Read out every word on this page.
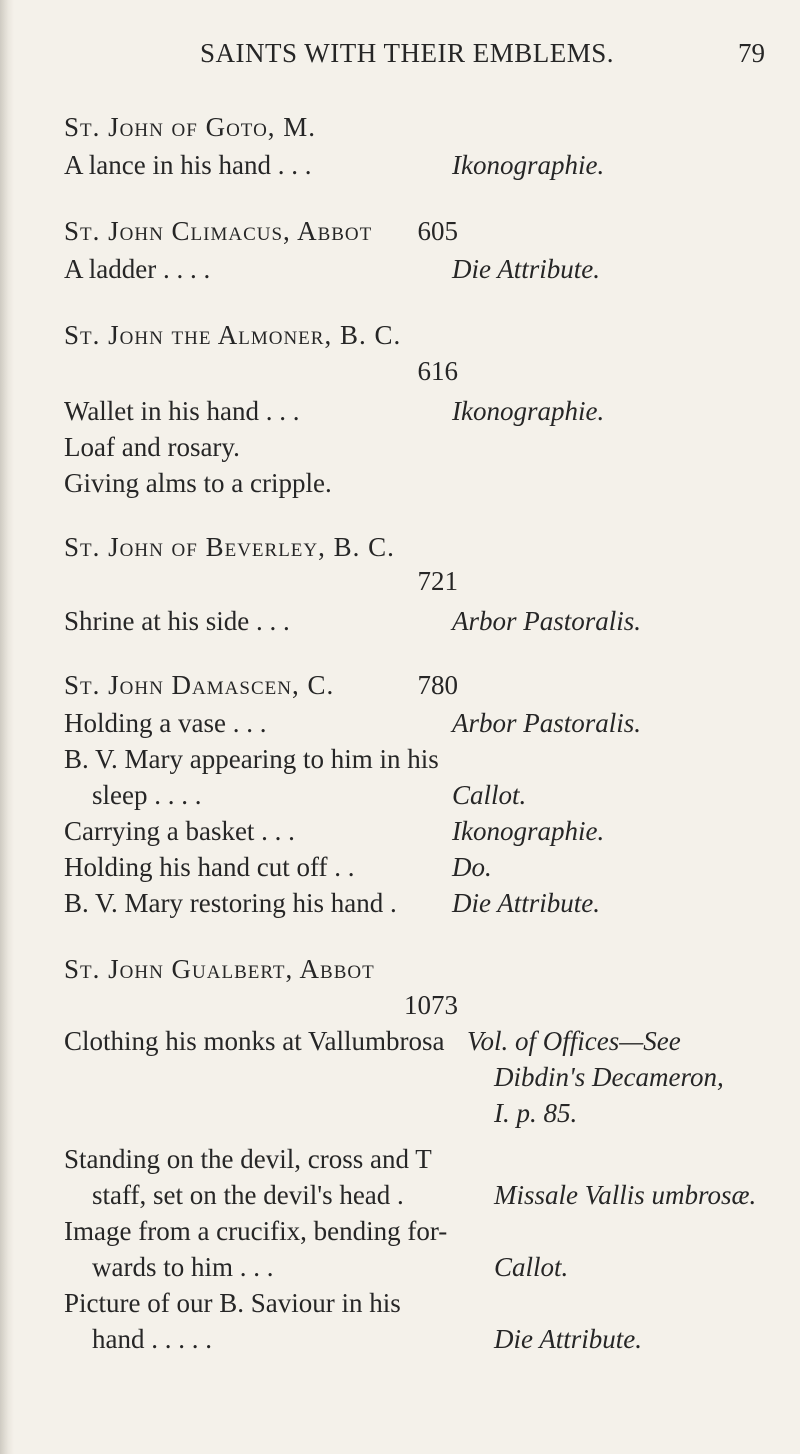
SAINTS WITH THEIR EMBLEMS.	79
St. John of Goto, M.
A lance in his hand . . .	Ikonographie.
St. John Climacus, Abbot	605
A ladder . . . .	Die Attribute.
St. John the Almoner, B. C.
616
Wallet in his hand . . .	Ikonographie.
Loaf and rosary.
Giving alms to a cripple.
St. John of Beverley, B. C.
721
Shrine at his side . . .	Arbor Pastoralis.
St. John Damascen, C.	780
Holding a vase . . .	Arbor Pastoralis.
B. V. Mary appearing to him in his
sleep . . . .	Callot.
Carrying a basket . . .	Ikonographie.
Holding his hand cut off . .	Do.
B. V. Mary restoring his hand . Die Attribute.
St. John Gualbert, Abbot
1073
Clothing his monks at Vallumbrosa Vol. of Offices—See
Dibdin's Decameron,
I. p. 85.
Standing on the devil, cross and T
staff, set on the devil's head .	Missale Vallis umbrosæ.
Image from a crucifix, bending for-
wards to him . . .	Callot.
Picture of our B. Saviour in his
hand . . . . .	Die Attribute.
